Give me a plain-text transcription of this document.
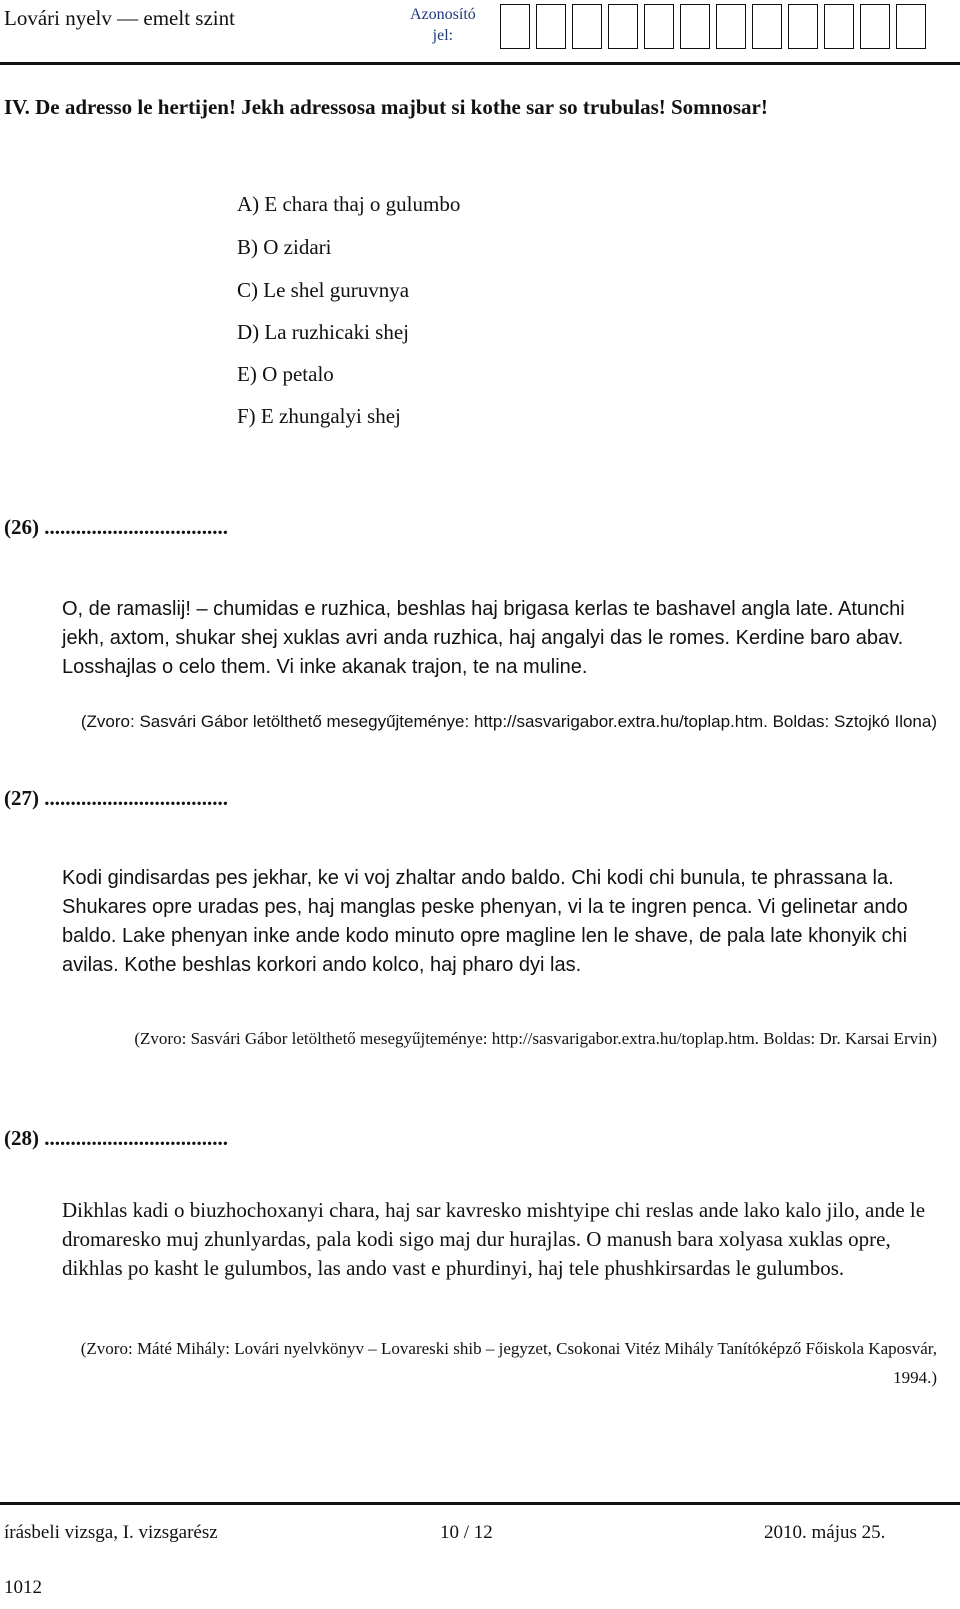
Lovári nyelv — emelt szint	Azonosító
jel:
IV. De adresso le hertijen! Jekh adressosa majbut si kothe sar so trubulas! Somnosar!
A) E chara thaj o gulumbo
B) O zidari
C) Le shel guruvnya
D) La ruzhicaki shej
E) O petalo
F) E zhungalyi shej
(26) ...................................
O, de ramaslij! – chumidas e ruzhica, beshlas haj brigasa kerlas te bashavel angla late. Atunchi jekh, axtom, shukar shej xuklas avri anda ruzhica, haj angalyi das le romes. Kerdine baro abav. Losshajlas o celo them. Vi inke akanak trajon, te na muline.
(Zvoro: Sasvári Gábor letölthető mesegyűjteménye: http://sasvarigabor.extra.hu/toplap.htm. Boldas: Sztojkó Ilona)
(27) ...................................
Kodi gindisardas pes jekhar, ke vi voj zhaltar ando baldo. Chi kodi chi bunula, te phrassana la. Shukares opre uradas pes, haj manglas peske phenyan, vi la te ingren penca. Vi gelinetar ando baldo. Lake phenyan inke ande kodo minuto opre magline len le shave, de pala late khonyik chi avilas. Kothe beshlas korkori ando kolco, haj pharo dyi las.
(Zvoro: Sasvári Gábor letölthető mesegyűjteménye: http://sasvarigabor.extra.hu/toplap.htm. Boldas: Dr. Karsai Ervin)
(28) ...................................
Dikhlas kadi o biuzhochoxanyi chara, haj sar kavresko mishtyipe chi reslas ande lako kalo jilo, ande le dromaresko muj zhunlyardas, pala kodi sigo maj dur hurajlas. O manush bara xolyasa xuklas opre, dikhlas po kasht le gulumbos, las ando vast e phurdinyi, haj tele phushkirsardas le gulumbos.
(Zvoro: Máté Mihály: Lovári nyelvkönyv – Lovareski shib – jegyzet, Csokonai Vitéz Mihály Tanítóképző Főiskola Kaposvár, 1994.)
írásbeli vizsga, I. vizsgarész	10 / 12	2010. május 25.
1012
